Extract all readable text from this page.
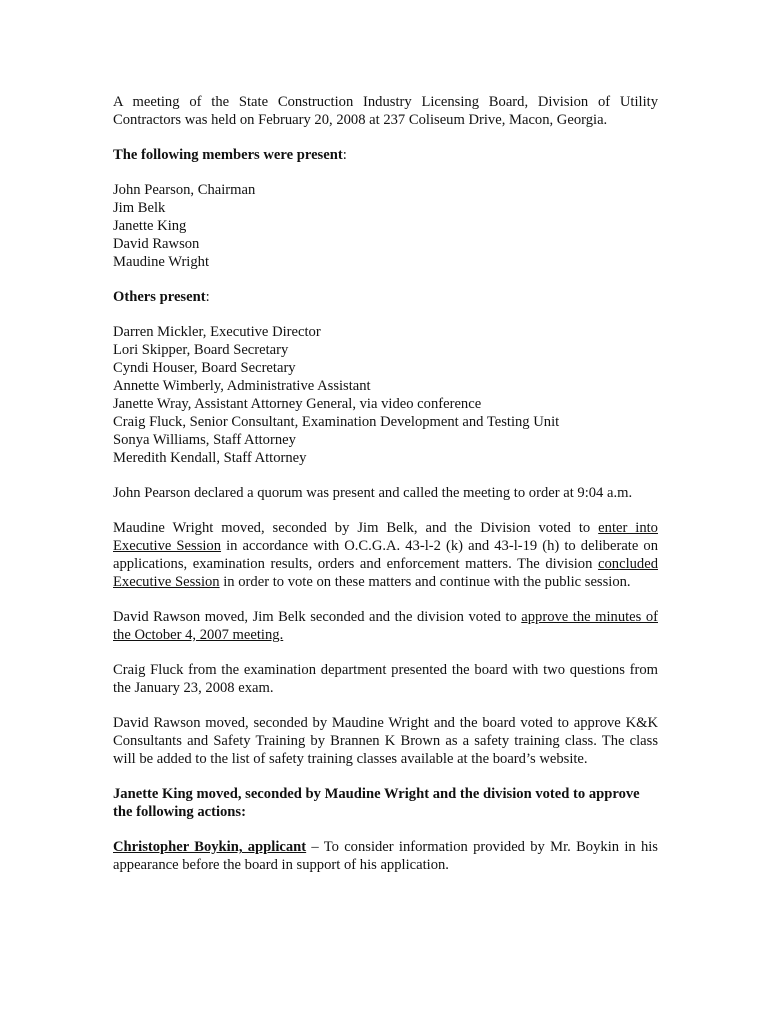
A meeting of the State Construction Industry Licensing Board, Division of Utility Contractors was held on February 20, 2008 at 237 Coliseum Drive, Macon, Georgia.

The following members were present:

John Pearson, Chairman

Jim Belk

Janette King

David Rawson

Maudine Wright

Others present:

Darren Mickler, Executive Director

Lori Skipper, Board Secretary

Cyndi Houser, Board Secretary

Annette Wimberly, Administrative Assistant

Janette Wray, Assistant Attorney General, via video conference

Craig Fluck, Senior Consultant, Examination Development and Testing Unit

Sonya Williams, Staff Attorney

Meredith Kendall, Staff Attorney

John Pearson declared a quorum was present and called the meeting to order at 9:04 a.m.

Maudine Wright moved, seconded by Jim Belk, and the Division voted to enter into Executive Session in accordance with O.C.G.A. 43-l-2 (k) and 43-l-19 (h) to deliberate on applications, examination results, orders and enforcement matters. The division concluded Executive Session in order to vote on these matters and continue with the public session.

David Rawson moved, Jim Belk seconded and the division voted to approve the minutes of the October 4, 2007 meeting.

Craig Fluck from the examination department presented the board with two questions from the January 23, 2008 exam.

David Rawson moved, seconded by Maudine Wright and the board voted to approve K&K Consultants and Safety Training by Brannen K Brown as a safety training class. The class will be added to the list of safety training classes available at the board’s website.

Janette King moved, seconded by Maudine Wright and the division voted to approve the following actions:

Christopher Boykin, applicant – To consider information provided by Mr. Boykin in his appearance before the board in support of his application.
